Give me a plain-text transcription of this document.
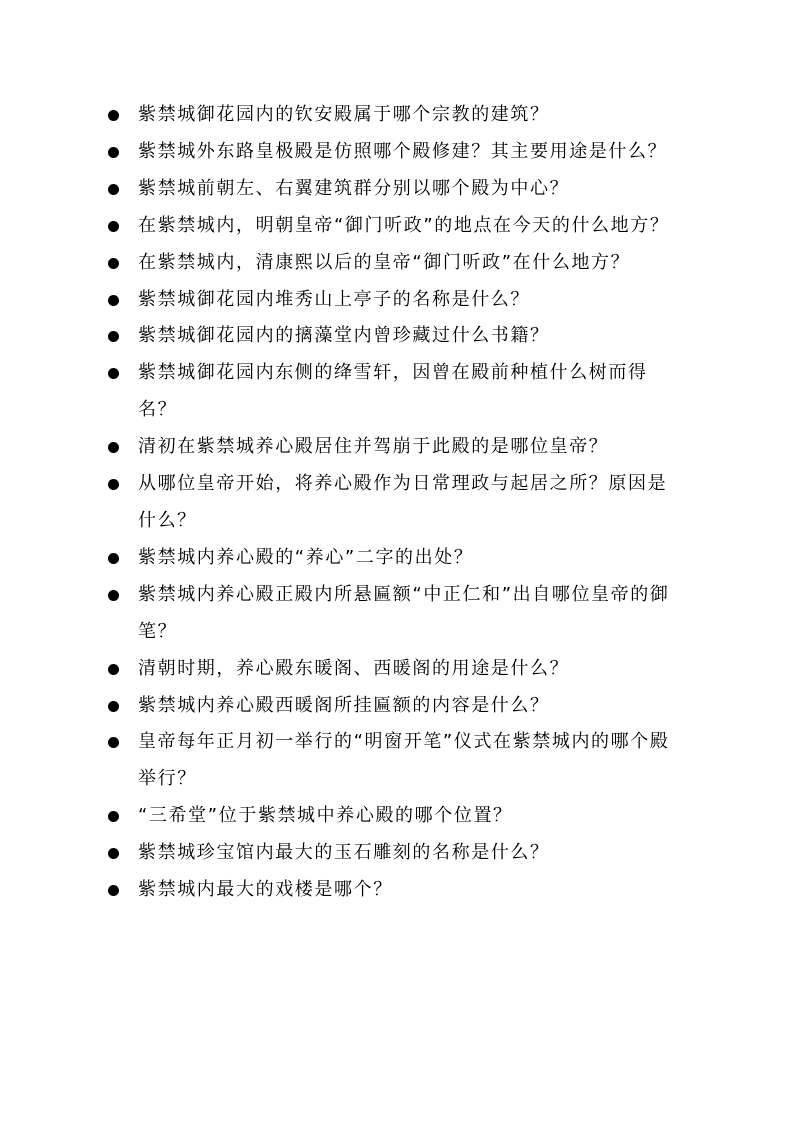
紫禁城御花园内的钦安殿属于哪个宗教的建筑？
紫禁城外东路皇极殿是仿照哪个殿修建？其主要用途是什么？
紫禁城前朝左、右翼建筑群分别以哪个殿为中心？
在紫禁城内，明朝皇帝“御门听政”的地点在今天的什么地方？
在紫禁城内，清康熙以后的皇帝“御门听政”在什么地方？
紫禁城御花园内堆秀山上亭子的名称是什么？
紫禁城御花园内的摛藻堂内曾珍藏过什么书籍？
紫禁城御花园内东侧的绛雪轩，因曾在殿前种植什么树而得名？
清初在紫禁城养心殿居住并驾崩于此殿的是哪位皇帝？
从哪位皇帝开始，将养心殿作为日常理政与起居之所？原因是什么？
紫禁城内养心殿的“养心”二字的出处？
紫禁城内养心殿正殿内所悬匾额“中正仁和”出自哪位皇帝的御笔？
清朝时期，养心殿东暖阁、西暖阁的用途是什么？
紫禁城内养心殿西暖阁所挂匾额的内容是什么？
皇帝每年正月初一举行的“明窗开笔”仪式在紫禁城内的哪个殿举行？
“三希堂”位于紫禁城中养心殿的哪个位置？
紫禁城珍宝馆内最大的玉石雕刻的名称是什么？
紫禁城内最大的戏楼是哪个？
